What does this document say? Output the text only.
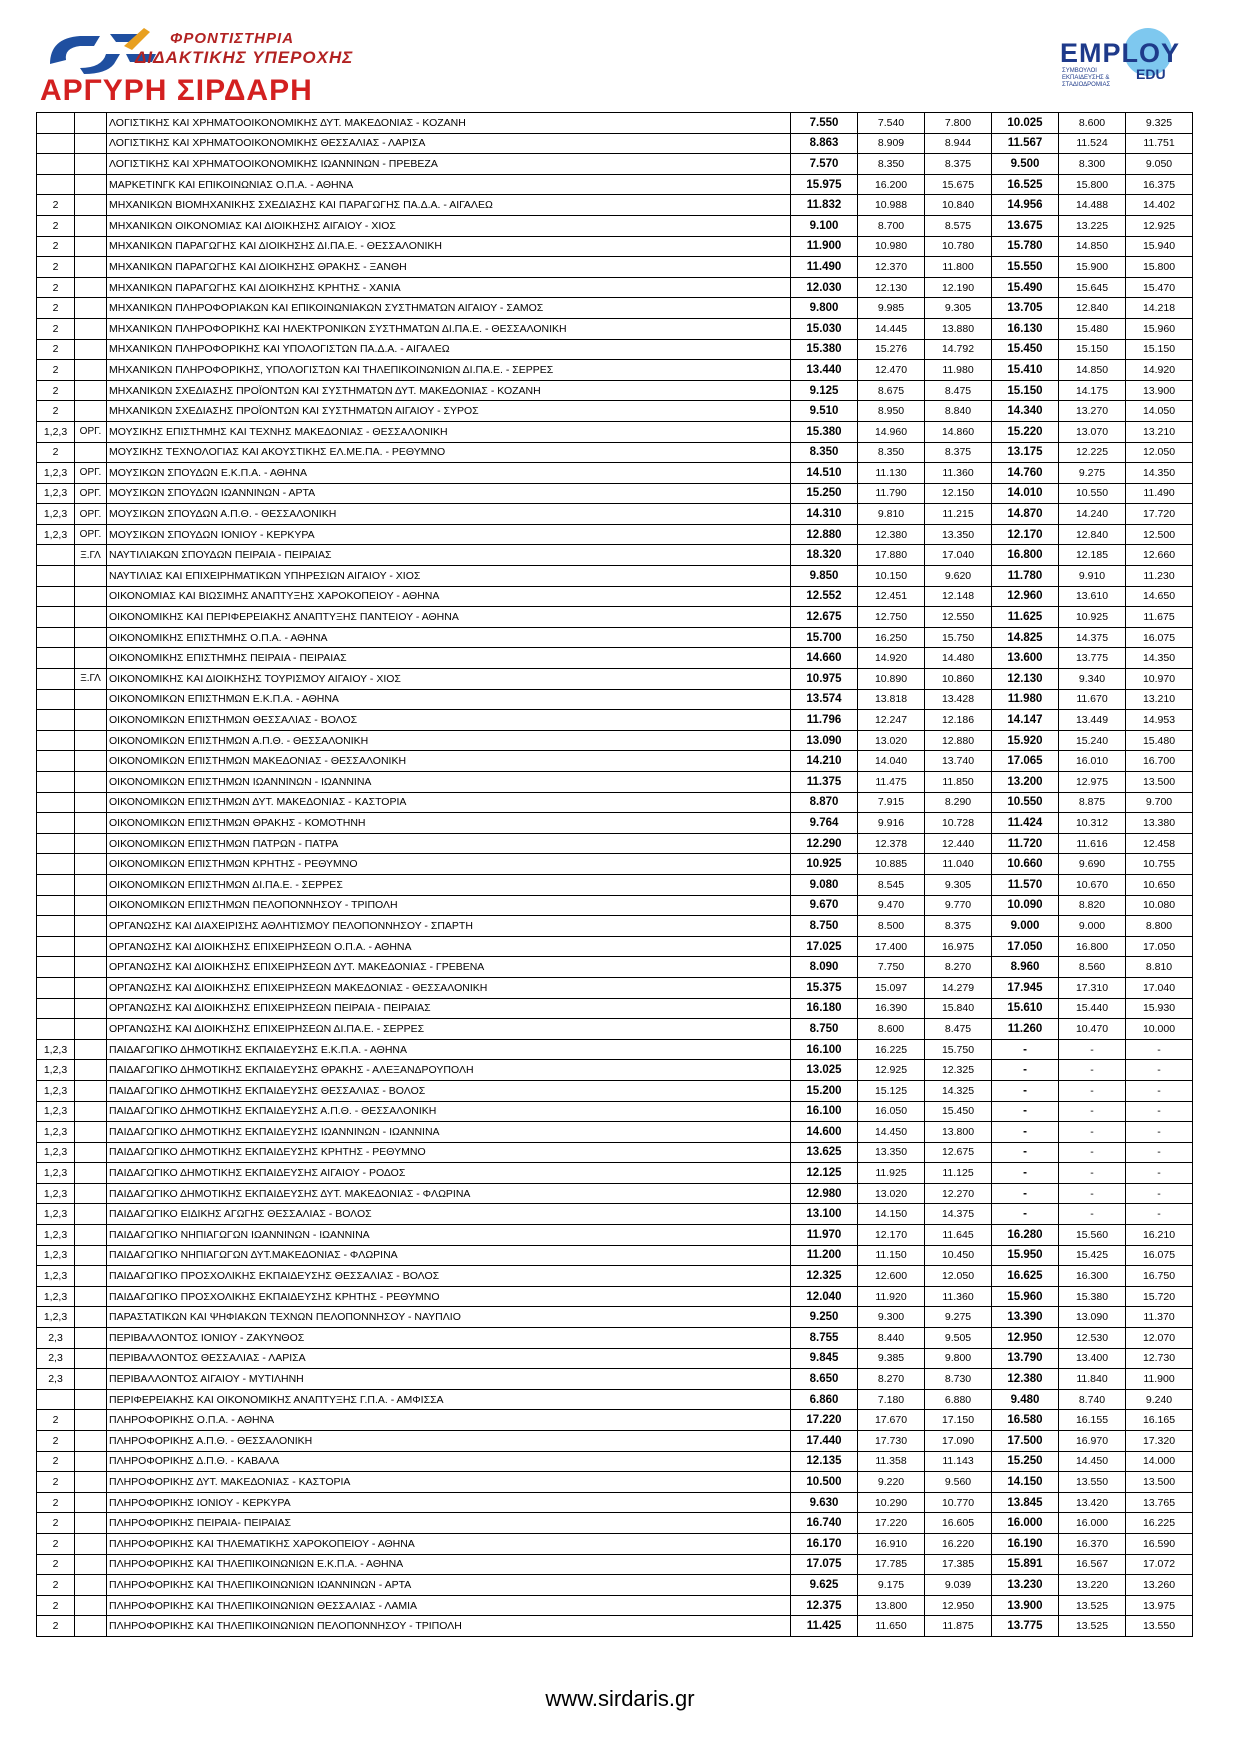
ΦΡΟΝΤΙΣΤΗΡΙΑ
ΔΙΔΑΚΤΙΚΗΣ ΥΠΕΡΟΧΗΣ
ΑΡΓΥΡΗ ΣΙΡΔΑΡΗ
EMPLOY
EDU
ΣΥΜΒΟΥΛΟΙ ΕΚΠΑΙΔΕΥΣΗΣ & ΣΤΑΔΙΟΔΡΟΜΙΑΣ
		ΛΟΓΙΣΤΙΚΗΣ ΚΑΙ ΧΡΗΜΑΤΟΟΙΚΟΝΟΜΙΚΗΣ ΔΥΤ. ΜΑΚΕΔΟΝΙΑΣ - ΚΟΖΑΝΗ	7.550	7.540	7.800	10.025	8.600	9.325
		ΛΟΓΙΣΤΙΚΗΣ ΚΑΙ ΧΡΗΜΑΤΟΟΙΚΟΝΟΜΙΚΗΣ ΘΕΣΣΑΛΙΑΣ - ΛΑΡΙΣΑ	8.863	8.909	8.944	11.567	11.524	11.751
		ΛΟΓΙΣΤΙΚΗΣ ΚΑΙ ΧΡΗΜΑΤΟΟΙΚΟΝΟΜΙΚΗΣ ΙΩΑΝΝΙΝΩΝ - ΠΡΕΒΕΖΑ	7.570	8.350	8.375	9.500	8.300	9.050
		ΜΑΡΚΕΤΙΝΓΚ ΚΑΙ ΕΠΙΚΟΙΝΩΝΙΑΣ Ο.Π.Α. - ΑΘΗΝΑ	15.975	16.200	15.675	16.525	15.800	16.375
2		ΜΗΧΑΝΙΚΩΝ ΒΙΟΜΗΧΑΝΙΚΗΣ ΣΧΕΔΙΑΣΗΣ ΚΑΙ ΠΑΡΑΓΩΓΗΣ ΠΑ.Δ.Α. - ΑΙΓΑΛΕΩ	11.832	10.988	10.840	14.956	14.488	14.402
2		ΜΗΧΑΝΙΚΩΝ ΟΙΚΟΝΟΜΙΑΣ ΚΑΙ ΔΙΟΙΚΗΣΗΣ ΑΙΓΑΙΟΥ - ΧΙΟΣ	9.100	8.700	8.575	13.675	13.225	12.925
2		ΜΗΧΑΝΙΚΩΝ ΠΑΡΑΓΩΓΗΣ ΚΑΙ ΔΙΟΙΚΗΣΗΣ ΔΙ.ΠΑ.Ε. - ΘΕΣΣΑΛΟΝΙΚΗ	11.900	10.980	10.780	15.780	14.850	15.940
2		ΜΗΧΑΝΙΚΩΝ ΠΑΡΑΓΩΓΗΣ ΚΑΙ ΔΙΟΙΚΗΣΗΣ ΘΡΑΚΗΣ - ΞΑΝΘΗ	11.490	12.370	11.800	15.550	15.900	15.800
2		ΜΗΧΑΝΙΚΩΝ ΠΑΡΑΓΩΓΗΣ ΚΑΙ ΔΙΟΙΚΗΣΗΣ ΚΡΗΤΗΣ - ΧΑΝΙΑ	12.030	12.130	12.190	15.490	15.645	15.470
2		ΜΗΧΑΝΙΚΩΝ ΠΛΗΡΟΦΟΡΙΑΚΩΝ ΚΑΙ ΕΠΙΚΟΙΝΩΝΙΑΚΩΝ ΣΥΣΤΗΜΑΤΩΝ ΑΙΓΑΙΟΥ - ΣΑΜΟΣ	9.800	9.985	9.305	13.705	12.840	14.218
2		ΜΗΧΑΝΙΚΩΝ ΠΛΗΡΟΦΟΡΙΚΗΣ ΚΑΙ ΗΛΕΚΤΡΟΝΙΚΩΝ ΣΥΣΤΗΜΑΤΩΝ ΔΙ.ΠΑ.Ε. - ΘΕΣΣΑΛΟΝΙΚΗ	15.030	14.445	13.880	16.130	15.480	15.960
2		ΜΗΧΑΝΙΚΩΝ ΠΛΗΡΟΦΟΡΙΚΗΣ ΚΑΙ ΥΠΟΛΟΓΙΣΤΩΝ ΠΑ.Δ.Α. - ΑΙΓΑΛΕΩ	15.380	15.276	14.792	15.450	15.150	15.150
2		ΜΗΧΑΝΙΚΩΝ ΠΛΗΡΟΦΟΡΙΚΗΣ, ΥΠΟΛΟΓΙΣΤΩΝ ΚΑΙ ΤΗΛΕΠΙΚΟΙΝΩΝΙΩΝ ΔΙ.ΠΑ.Ε. - ΣΕΡΡΕΣ	13.440	12.470	11.980	15.410	14.850	14.920
2		ΜΗΧΑΝΙΚΩΝ ΣΧΕΔΙΑΣΗΣ ΠΡΟΪΟΝΤΩΝ ΚΑΙ ΣΥΣΤΗΜΑΤΩΝ ΔΥΤ. ΜΑΚΕΔΟΝΙΑΣ - ΚΟΖΑΝΗ	9.125	8.675	8.475	15.150	14.175	13.900
2		ΜΗΧΑΝΙΚΩΝ ΣΧΕΔΙΑΣΗΣ ΠΡΟΪΟΝΤΩΝ ΚΑΙ ΣΥΣΤΗΜΑΤΩΝ ΑΙΓΑΙΟΥ - ΣΥΡΟΣ	9.510	8.950	8.840	14.340	13.270	14.050
1,2,3	ΟΡΓ.	ΜΟΥΣΙΚΗΣ ΕΠΙΣΤΗΜΗΣ ΚΑΙ ΤΕΧΝΗΣ ΜΑΚΕΔΟΝΙΑΣ - ΘΕΣΣΑΛΟΝΙΚΗ	15.380	14.960	14.860	15.220	13.070	13.210
2		ΜΟΥΣΙΚΗΣ ΤΕΧΝΟΛΟΓΙΑΣ ΚΑΙ ΑΚΟΥΣΤΙΚΗΣ ΕΛ.ΜΕ.ΠΑ. - ΡΕΘΥΜΝΟ	8.350	8.350	8.375	13.175	12.225	12.050
1,2,3	ΟΡΓ.	ΜΟΥΣΙΚΩΝ ΣΠΟΥΔΩΝ Ε.Κ.Π.Α. - ΑΘΗΝΑ	14.510	11.130	11.360	14.760	9.275	14.350
1,2,3	ΟΡΓ.	ΜΟΥΣΙΚΩΝ ΣΠΟΥΔΩΝ ΙΩΑΝΝΙΝΩΝ - ΑΡΤΑ	15.250	11.790	12.150	14.010	10.550	11.490
1,2,3	ΟΡΓ.	ΜΟΥΣΙΚΩΝ ΣΠΟΥΔΩΝ Α.Π.Θ. - ΘΕΣΣΑΛΟΝΙΚΗ	14.310	9.810	11.215	14.870	14.240	17.720
1,2,3	ΟΡΓ.	ΜΟΥΣΙΚΩΝ ΣΠΟΥΔΩΝ ΙΟΝΙΟΥ - ΚΕΡΚΥΡΑ	12.880	12.380	13.350	12.170	12.840	12.500
	Ξ.ΓΛ	ΝΑΥΤΙΛΙΑΚΩΝ ΣΠΟΥΔΩΝ ΠΕΙΡΑΙΑ - ΠΕΙΡΑΙΑΣ	18.320	17.880	17.040	16.800	12.185	12.660
		ΝΑΥΤΙΛΙΑΣ ΚΑΙ ΕΠΙΧΕΙΡΗΜΑΤΙΚΩΝ ΥΠΗΡΕΣΙΩΝ ΑΙΓΑΙΟΥ - ΧΙΟΣ	9.850	10.150	9.620	11.780	9.910	11.230
		ΟΙΚΟΝΟΜΙΑΣ ΚΑΙ ΒΙΩΣΙΜΗΣ ΑΝΑΠΤΥΞΗΣ ΧΑΡΟΚΟΠΕΙΟΥ - ΑΘΗΝΑ	12.552	12.451	12.148	12.960	13.610	14.650
		ΟΙΚΟΝΟΜΙΚΗΣ ΚΑΙ ΠΕΡΙΦΕΡΕΙΑΚΗΣ ΑΝΑΠΤΥΞΗΣ ΠΑΝΤΕΙΟΥ - ΑΘΗΝΑ	12.675	12.750	12.550	11.625	10.925	11.675
		ΟΙΚΟΝΟΜΙΚΗΣ ΕΠΙΣΤΗΜΗΣ Ο.Π.Α. - ΑΘΗΝΑ	15.700	16.250	15.750	14.825	14.375	16.075
		ΟΙΚΟΝΟΜΙΚΗΣ ΕΠΙΣΤΗΜΗΣ ΠΕΙΡΑΙΑ - ΠΕΙΡΑΙΑΣ	14.660	14.920	14.480	13.600	13.775	14.350
	Ξ.ΓΛ	ΟΙΚΟΝΟΜΙΚΗΣ ΚΑΙ ΔΙΟΙΚΗΣΗΣ ΤΟΥΡΙΣΜΟΥ ΑΙΓΑΙΟΥ - ΧΙΟΣ	10.975	10.890	10.860	12.130	9.340	10.970
		ΟΙΚΟΝΟΜΙΚΩΝ ΕΠΙΣΤΗΜΩΝ Ε.Κ.Π.Α. - ΑΘΗΝΑ	13.574	13.818	13.428	11.980	11.670	13.210
		ΟΙΚΟΝΟΜΙΚΩΝ ΕΠΙΣΤΗΜΩΝ ΘΕΣΣΑΛΙΑΣ - ΒΟΛΟΣ	11.796	12.247	12.186	14.147	13.449	14.953
		ΟΙΚΟΝΟΜΙΚΩΝ ΕΠΙΣΤΗΜΩΝ Α.Π.Θ. - ΘΕΣΣΑΛΟΝΙΚΗ	13.090	13.020	12.880	15.920	15.240	15.480
		ΟΙΚΟΝΟΜΙΚΩΝ ΕΠΙΣΤΗΜΩΝ ΜΑΚΕΔΟΝΙΑΣ - ΘΕΣΣΑΛΟΝΙΚΗ	14.210	14.040	13.740	17.065	16.010	16.700
		ΟΙΚΟΝΟΜΙΚΩΝ ΕΠΙΣΤΗΜΩΝ ΙΩΑΝΝΙΝΩΝ - ΙΩΑΝΝΙΝΑ	11.375	11.475	11.850	13.200	12.975	13.500
		ΟΙΚΟΝΟΜΙΚΩΝ ΕΠΙΣΤΗΜΩΝ ΔΥΤ. ΜΑΚΕΔΟΝΙΑΣ - ΚΑΣΤΟΡΙΑ	8.870	7.915	8.290	10.550	8.875	9.700
		ΟΙΚΟΝΟΜΙΚΩΝ ΕΠΙΣΤΗΜΩΝ ΘΡΑΚΗΣ - ΚΟΜΟΤΗΝΗ	9.764	9.916	10.728	11.424	10.312	13.380
		ΟΙΚΟΝΟΜΙΚΩΝ ΕΠΙΣΤΗΜΩΝ ΠΑΤΡΩΝ - ΠΑΤΡΑ	12.290	12.378	12.440	11.720	11.616	12.458
		ΟΙΚΟΝΟΜΙΚΩΝ ΕΠΙΣΤΗΜΩΝ ΚΡΗΤΗΣ - ΡΕΘΥΜΝΟ	10.925	10.885	11.040	10.660	9.690	10.755
		ΟΙΚΟΝΟΜΙΚΩΝ ΕΠΙΣΤΗΜΩΝ ΔΙ.ΠΑ.Ε. - ΣΕΡΡΕΣ	9.080	8.545	9.305	11.570	10.670	10.650
		ΟΙΚΟΝΟΜΙΚΩΝ ΕΠΙΣΤΗΜΩΝ ΠΕΛΟΠΟΝΝΗΣΟΥ - ΤΡΙΠΟΛΗ	9.670	9.470	9.770	10.090	8.820	10.080
		ΟΡΓΑΝΩΣΗΣ ΚΑΙ ΔΙΑΧΕΙΡΙΣΗΣ ΑΘΛΗΤΙΣΜΟΥ ΠΕΛΟΠΟΝΝΗΣΟΥ - ΣΠΑΡΤΗ	8.750	8.500	8.375	9.000	9.000	8.800
		ΟΡΓΑΝΩΣΗΣ ΚΑΙ ΔΙΟΙΚΗΣΗΣ ΕΠΙΧΕΙΡΗΣΕΩΝ Ο.Π.Α. - ΑΘΗΝΑ	17.025	17.400	16.975	17.050	16.800	17.050
		ΟΡΓΑΝΩΣΗΣ ΚΑΙ ΔΙΟΙΚΗΣΗΣ ΕΠΙΧΕΙΡΗΣΕΩΝ ΔΥΤ. ΜΑΚΕΔΟΝΙΑΣ - ΓΡΕΒΕΝΑ	8.090	7.750	8.270	8.960	8.560	8.810
		ΟΡΓΑΝΩΣΗΣ ΚΑΙ ΔΙΟΙΚΗΣΗΣ ΕΠΙΧΕΙΡΗΣΕΩΝ ΜΑΚΕΔΟΝΙΑΣ - ΘΕΣΣΑΛΟΝΙΚΗ	15.375	15.097	14.279	17.945	17.310	17.040
		ΟΡΓΑΝΩΣΗΣ ΚΑΙ ΔΙΟΙΚΗΣΗΣ ΕΠΙΧΕΙΡΗΣΕΩΝ ΠΕΙΡΑΙΑ - ΠΕΙΡΑΙΑΣ	16.180	16.390	15.840	15.610	15.440	15.930
		ΟΡΓΑΝΩΣΗΣ ΚΑΙ ΔΙΟΙΚΗΣΗΣ ΕΠΙΧΕΙΡΗΣΕΩΝ ΔΙ.ΠΑ.Ε. - ΣΕΡΡΕΣ	8.750	8.600	8.475	11.260	10.470	10.000
1,2,3		ΠΑΙΔΑΓΩΓΙΚΟ ΔΗΜΟΤΙΚΗΣ ΕΚΠΑΙΔΕΥΣΗΣ Ε.Κ.Π.Α. - ΑΘΗΝΑ	16.100	16.225	15.750	-	-	-
1,2,3		ΠΑΙΔΑΓΩΓΙΚΟ ΔΗΜΟΤΙΚΗΣ ΕΚΠΑΙΔΕΥΣΗΣ ΘΡΑΚΗΣ - ΑΛΕΞΑΝΔΡΟΥΠΟΛΗ	13.025	12.925	12.325	-	-	-
1,2,3		ΠΑΙΔΑΓΩΓΙΚΟ ΔΗΜΟΤΙΚΗΣ ΕΚΠΑΙΔΕΥΣΗΣ ΘΕΣΣΑΛΙΑΣ - ΒΟΛΟΣ	15.200	15.125	14.325	-	-	-
1,2,3		ΠΑΙΔΑΓΩΓΙΚΟ ΔΗΜΟΤΙΚΗΣ ΕΚΠΑΙΔΕΥΣΗΣ Α.Π.Θ. - ΘΕΣΣΑΛΟΝΙΚΗ	16.100	16.050	15.450	-	-	-
1,2,3		ΠΑΙΔΑΓΩΓΙΚΟ ΔΗΜΟΤΙΚΗΣ ΕΚΠΑΙΔΕΥΣΗΣ ΙΩΑΝΝΙΝΩΝ - ΙΩΑΝΝΙΝΑ	14.600	14.450	13.800	-	-	-
1,2,3		ΠΑΙΔΑΓΩΓΙΚΟ ΔΗΜΟΤΙΚΗΣ ΕΚΠΑΙΔΕΥΣΗΣ ΚΡΗΤΗΣ - ΡΕΘΥΜΝΟ	13.625	13.350	12.675	-	-	-
1,2,3		ΠΑΙΔΑΓΩΓΙΚΟ ΔΗΜΟΤΙΚΗΣ ΕΚΠΑΙΔΕΥΣΗΣ ΑΙΓΑΙΟΥ - ΡΟΔΟΣ	12.125	11.925	11.125	-	-	-
1,2,3		ΠΑΙΔΑΓΩΓΙΚΟ ΔΗΜΟΤΙΚΗΣ ΕΚΠΑΙΔΕΥΣΗΣ ΔΥΤ. ΜΑΚΕΔΟΝΙΑΣ - ΦΛΩΡΙΝΑ	12.980	13.020	12.270	-	-	-
1,2,3		ΠΑΙΔΑΓΩΓΙΚΟ ΕΙΔΙΚΗΣ ΑΓΩΓΗΣ ΘΕΣΣΑΛΙΑΣ - ΒΟΛΟΣ	13.100	14.150	14.375	-	-	-
1,2,3		ΠΑΙΔΑΓΩΓΙΚΟ ΝΗΠΙΑΓΩΓΩΝ ΙΩΑΝΝΙΝΩΝ - ΙΩΑΝΝΙΝΑ	11.970	12.170	11.645	16.280	15.560	16.210
1,2,3		ΠΑΙΔΑΓΩΓΙΚΟ ΝΗΠΙΑΓΩΓΩΝ ΔΥΤ.ΜΑΚΕΔΟΝΙΑΣ - ΦΛΩΡΙΝΑ	11.200	11.150	10.450	15.950	15.425	16.075
1,2,3		ΠΑΙΔΑΓΩΓΙΚΟ ΠΡΟΣΧΟΛΙΚΗΣ ΕΚΠΑΙΔΕΥΣΗΣ ΘΕΣΣΑΛΙΑΣ - ΒΟΛΟΣ	12.325	12.600	12.050	16.625	16.300	16.750
1,2,3		ΠΑΙΔΑΓΩΓΙΚΟ ΠΡΟΣΧΟΛΙΚΗΣ ΕΚΠΑΙΔΕΥΣΗΣ ΚΡΗΤΗΣ - ΡΕΘΥΜΝΟ	12.040	11.920	11.360	15.960	15.380	15.720
1,2,3		ΠΑΡΑΣΤΑΤΙΚΩΝ ΚΑΙ ΨΗΦΙΑΚΩΝ ΤΕΧΝΩΝ ΠΕΛΟΠΟΝΝΗΣΟΥ - ΝΑΥΠΛΙΟ	9.250	9.300	9.275	13.390	13.090	11.370
2,3		ΠΕΡΙΒΑΛΛΟΝΤΟΣ ΙΟΝΙΟΥ - ΖΑΚΥΝΘΟΣ	8.755	8.440	9.505	12.950	12.530	12.070
2,3		ΠΕΡΙΒΑΛΛΟΝΤΟΣ ΘΕΣΣΑΛΙΑΣ - ΛΑΡΙΣΑ	9.845	9.385	9.800	13.790	13.400	12.730
2,3		ΠΕΡΙΒΑΛΛΟΝΤΟΣ ΑΙΓΑΙΟΥ - ΜΥΤΙΛΗΝΗ	8.650	8.270	8.730	12.380	11.840	11.900
		ΠΕΡΙΦΕΡΕΙΑΚΗΣ ΚΑΙ ΟΙΚΟΝΟΜΙΚΗΣ ΑΝΑΠΤΥΞΗΣ Γ.Π.Α. - ΑΜΦΙΣΣΑ	6.860	7.180	6.880	9.480	8.740	9.240
2		ΠΛΗΡΟΦΟΡΙΚΗΣ Ο.Π.Α. - ΑΘΗΝΑ	17.220	17.670	17.150	16.580	16.155	16.165
2		ΠΛΗΡΟΦΟΡΙΚΗΣ Α.Π.Θ. - ΘΕΣΣΑΛΟΝΙΚΗ	17.440	17.730	17.090	17.500	16.970	17.320
2		ΠΛΗΡΟΦΟΡΙΚΗΣ Δ.Π.Θ. - ΚΑΒΑΛΑ	12.135	11.358	11.143	15.250	14.450	14.000
2		ΠΛΗΡΟΦΟΡΙΚΗΣ ΔΥΤ. ΜΑΚΕΔΟΝΙΑΣ - ΚΑΣΤΟΡΙΑ	10.500	9.220	9.560	14.150	13.550	13.500
2		ΠΛΗΡΟΦΟΡΙΚΗΣ ΙΟΝΙΟΥ - ΚΕΡΚΥΡΑ	9.630	10.290	10.770	13.845	13.420	13.765
2		ΠΛΗΡΟΦΟΡΙΚΗΣ ΠΕΙΡΑΙΑ- ΠΕΙΡΑΙΑΣ	16.740	17.220	16.605	16.000	16.000	16.225
2		ΠΛΗΡΟΦΟΡΙΚΗΣ ΚΑΙ ΤΗΛΕΜΑΤΙΚΗΣ ΧΑΡΟΚΟΠΕΙΟΥ - ΑΘΗΝΑ	16.170	16.910	16.220	16.190	16.370	16.590
2		ΠΛΗΡΟΦΟΡΙΚΗΣ ΚΑΙ ΤΗΛΕΠΙΚΟΙΝΩΝΙΩΝ Ε.Κ.Π.Α. - ΑΘΗΝΑ	17.075	17.785	17.385	15.891	16.567	17.072
2		ΠΛΗΡΟΦΟΡΙΚΗΣ ΚΑΙ ΤΗΛΕΠΙΚΟΙΝΩΝΙΩΝ ΙΩΑΝΝΙΝΩΝ - ΑΡΤΑ	9.625	9.175	9.039	13.230	13.220	13.260
2		ΠΛΗΡΟΦΟΡΙΚΗΣ ΚΑΙ ΤΗΛΕΠΙΚΟΙΝΩΝΙΩΝ ΘΕΣΣΑΛΙΑΣ - ΛΑΜΙΑ	12.375	13.800	12.950	13.900	13.525	13.975
2		ΠΛΗΡΟΦΟΡΙΚΗΣ ΚΑΙ ΤΗΛΕΠΙΚΟΙΝΩΝΙΩΝ ΠΕΛΟΠΟΝΝΗΣΟΥ - ΤΡΙΠΟΛΗ	11.425	11.650	11.875	13.775	13.525	13.550
www.sirdaris.gr
